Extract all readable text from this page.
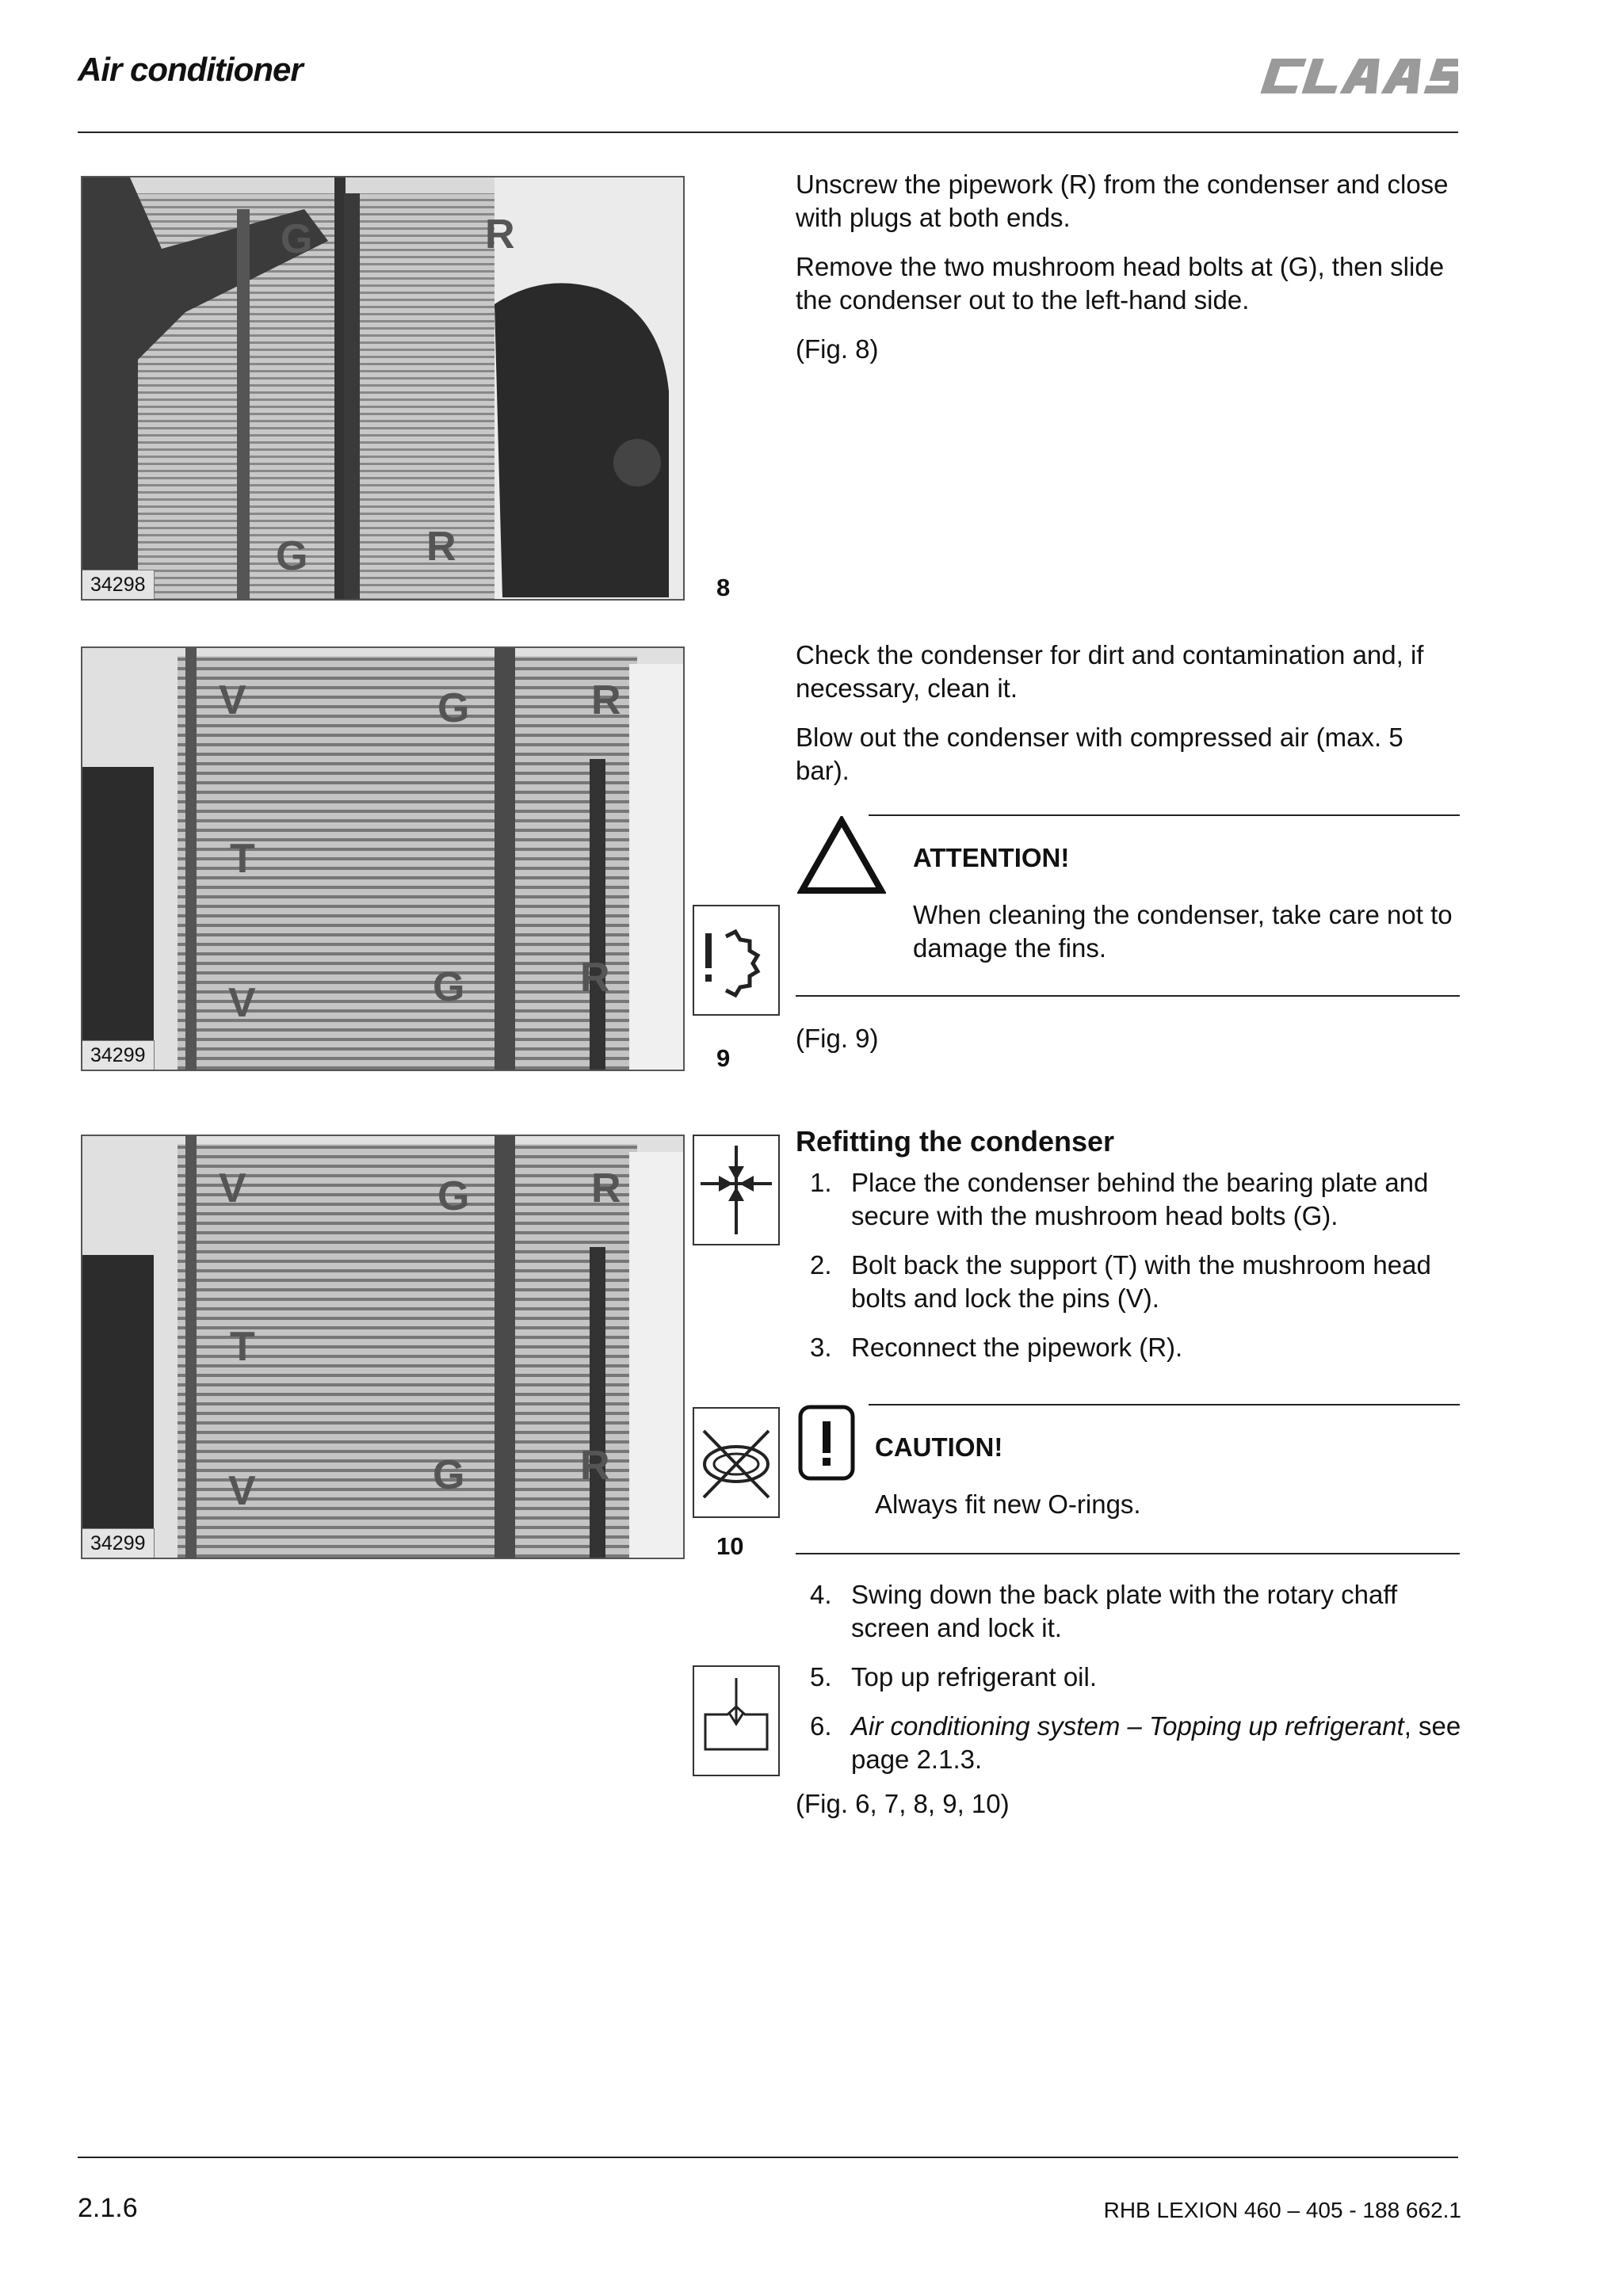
Air conditioner
G	R
G	R
34298	8
V	G	R
T
G	R
V
34299	9
V	G	R
T
G	R
V
34299	10

Unscrew the pipework (R) from the condenser and close with plugs at both ends.

Remove the two mushroom head bolts at (G), then slide the condenser out to the left-hand side.

(Fig. 8)

Check the condenser for dirt and contamination and, if necessary, clean it.

Blow out the condenser with compressed air (max. 5 bar).

ATTENTION!

When cleaning the condenser, take care not to damage the fins.

(Fig. 9)

Refitting the condenser

1. Place the condenser behind the bearing plate and secure with the mushroom head bolts (G).
2. Bolt back the support (T) with the mushroom head bolts and lock the pins (V).
3. Reconnect the pipework (R).

CAUTION!

Always fit new O-rings.

4. Swing down the back plate with the rotary chaff screen and lock it.
5. Top up refrigerant oil.
6. Air conditioning system – Topping up refrigerant, see page 2.1.3.

(Fig. 6, 7, 8, 9, 10)

2.1.6	RHB LEXION 460 – 405 - 188 662.1
